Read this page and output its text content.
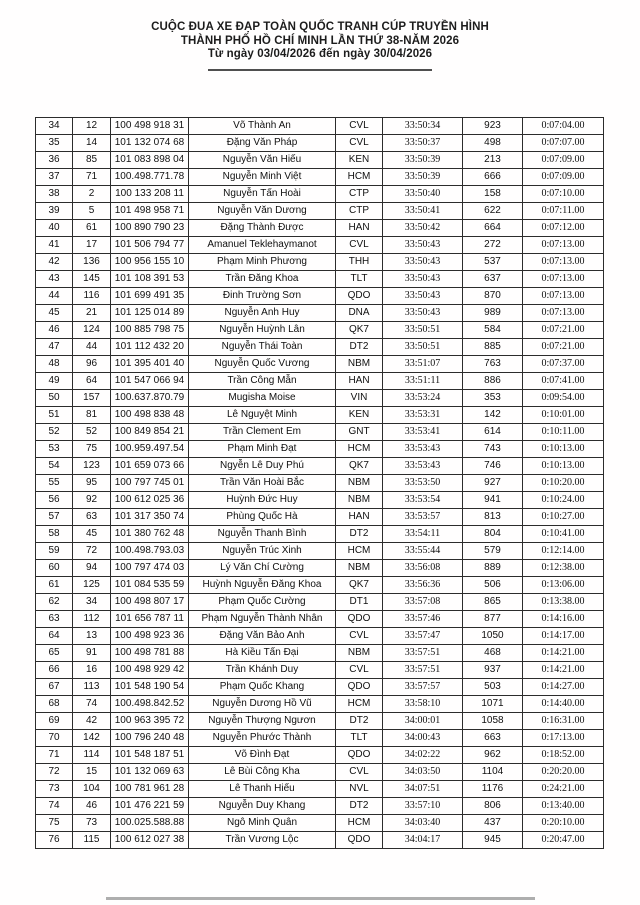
CUỘC ĐUA XE ĐẠP TOÀN QUỐC TRANH CÚP TRUYỀN HÌNH
THÀNH PHỐ HỒ CHÍ MINH LẦN THỨ 38-NĂM 2026
Từ ngày 03/04/2026 đến ngày 30/04/2026
34	12	100 498 918 31	Võ Thành An	CVL	33:50:34	923	0:07:04.00
35	14	101 132 074 68	Đặng Văn Pháp	CVL	33:50:37	498	0:07:07.00
36	85	101 083 898 04	Nguyễn Văn Hiếu	KEN	33:50:39	213	0:07:09.00
37	71	100.498.771.78	Nguyễn Minh Việt	HCM	33:50:39	666	0:07:09.00
38	2	100 133 208 11	Nguyễn Tấn Hoài	CTP	33:50:40	158	0:07:10.00
39	5	101 498 958 71	Nguyễn Văn Dương	CTP	33:50:41	622	0:07:11.00
40	61	100 890 790 23	Đặng Thành Được	HAN	33:50:42	664	0:07:12.00
41	17	101 506 794 77	Amanuel Teklehaymanot	CVL	33:50:43	272	0:07:13.00
42	136	100 956 155 10	Phạm Minh Phương	THH	33:50:43	537	0:07:13.00
43	145	101 108 391 53	Trần Đăng Khoa	TLT	33:50:43	637	0:07:13.00
44	116	101 699 491 35	Đinh Trường Sơn	QDO	33:50:43	870	0:07:13.00
45	21	101 125 014 89	Nguyễn Anh Huy	DNA	33:50:43	989	0:07:13.00
46	124	100 885 798 75	Nguyễn Huỳnh Lân	QK7	33:50:51	584	0:07:21.00
47	44	101 112 432 20	Nguyễn Thái Toàn	DT2	33:50:51	885	0:07:21.00
48	96	101 395 401 40	Nguyễn Quốc Vương	NBM	33:51:07	763	0:07:37.00
49	64	101 547 066 94	Trần Công Mẫn	HAN	33:51:11	886	0:07:41.00
50	157	100.637.870.79	Mugisha Moise	VIN	33:53:24	353	0:09:54.00
51	81	100 498 838 48	Lê Nguyệt Minh	KEN	33:53:31	142	0:10:01.00
52	52	100 849 854 21	Trần Clement Em	GNT	33:53:41	614	0:10:11.00
53	75	100.959.497.54	Phạm Minh Đạt	HCM	33:53:43	743	0:10:13.00
54	123	101 659 073 66	Ngyễn Lê Duy Phú	QK7	33:53:43	746	0:10:13.00
55	95	100 797 745 01	Trần Văn Hoài Bắc	NBM	33:53:50	927	0:10:20.00
56	92	100 612 025 36	Huỳnh Đức Huy	NBM	33:53:54	941	0:10:24.00
57	63	101 317 350 74	Phùng Quốc Hà	HAN	33:53:57	813	0:10:27.00
58	45	101 380 762 48	Nguyễn Thanh Bình	DT2	33:54:11	804	0:10:41.00
59	72	100.498.793.03	Nguyễn Trúc Xinh	HCM	33:55:44	579	0:12:14.00
60	94	100 797 474 03	Lý Văn Chí Cường	NBM	33:56:08	889	0:12:38.00
61	125	101 084 535 59	Huỳnh Nguyễn Đăng Khoa	QK7	33:56:36	506	0:13:06.00
62	34	100 498 807 17	Phạm Quốc Cường	DT1	33:57:08	865	0:13:38.00
63	112	101 656 787 11	Phạm Nguyễn Thành Nhân	QDO	33:57:46	877	0:14:16.00
64	13	100 498 923 36	Đặng Văn Bảo Anh	CVL	33:57:47	1050	0:14:17.00
65	91	100 498 781 88	Hà Kiều Tấn Đại	NBM	33:57:51	468	0:14:21.00
66	16	100 498 929 42	Trần Khánh Duy	CVL	33:57:51	937	0:14:21.00
67	113	101 548 190 54	Phạm Quốc Khang	QDO	33:57:57	503	0:14:27.00
68	74	100.498.842.52	Nguyễn Dương Hồ Vũ	HCM	33:58:10	1071	0:14:40.00
69	42	100 963 395 72	Nguyễn Thượng Ngươn	DT2	34:00:01	1058	0:16:31.00
70	142	100 796 240 48	Nguyễn Phước Thành	TLT	34:00:43	663	0:17:13.00
71	114	101 548 187 51	Võ Đình Đạt	QDO	34:02:22	962	0:18:52.00
72	15	101 132 069 63	Lê Bùi Công Kha	CVL	34:03:50	1104	0:20:20.00
73	104	100 781 961 28	Lê Thanh Hiếu	NVL	34:07:51	1176	0:24:21.00
74	46	101 476 221 59	Nguyễn Duy Khang	DT2	33:57:10	806	0:13:40.00
75	73	100.025.588.88	Ngô Minh Quân	HCM	34:03:40	437	0:20:10.00
76	115	100 612 027 38	Trần Vương Lộc	QDO	34:04:17	945	0:20:47.00
